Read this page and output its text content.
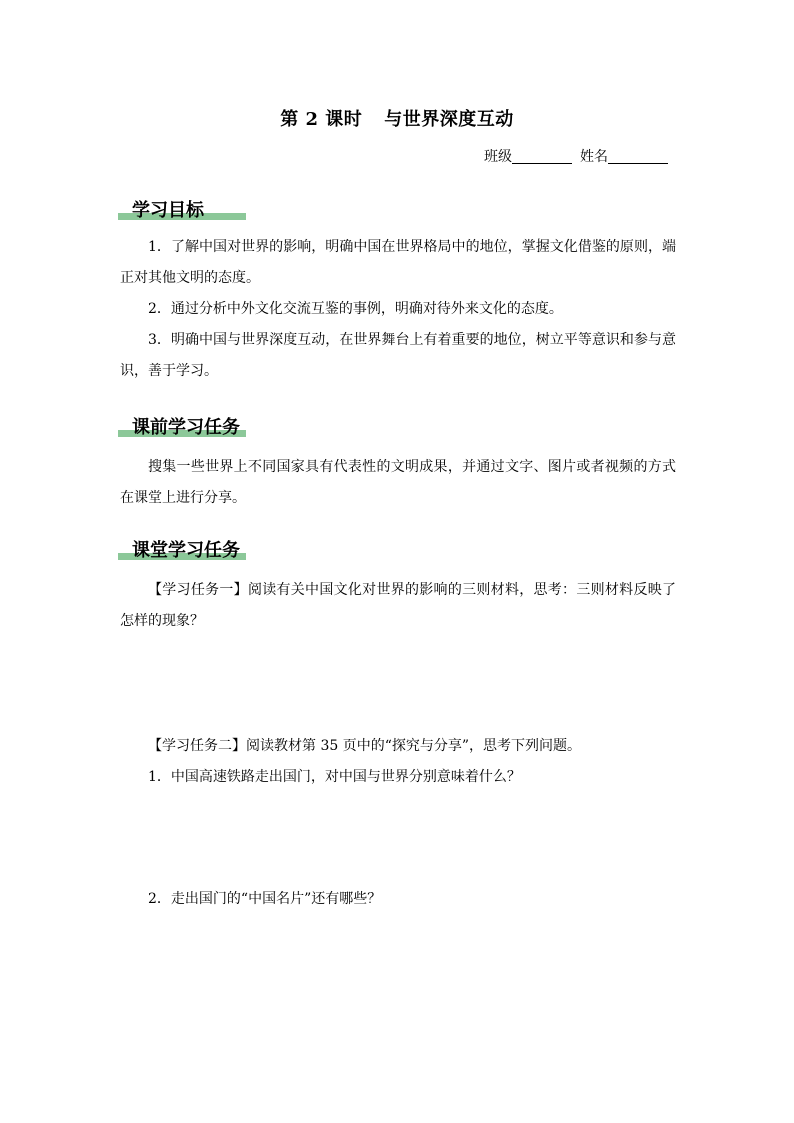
第 2 课时 与世界深度互动
班级	姓名
学习目标
1．了解中国对世界的影响，明确中国在世界格局中的地位，掌握文化借鉴的原则，端正对其他文明的态度。
2．通过分析中外文化交流互鉴的事例，明确对待外来文化的态度。
3．明确中国与世界深度互动，在世界舞台上有着重要的地位，树立平等意识和参与意识，善于学习。
课前学习任务
搜集一些世界上不同国家具有代表性的文明成果，并通过文字、图片或者视频的方式在课堂上进行分享。
课堂学习任务
【学习任务一】阅读有关中国文化对世界的影响的三则材料，思考：三则材料反映了怎样的现象？
【学习任务二】阅读教材第 35 页中的“探究与分享”，思考下列问题。
1．中国高速铁路走出国门，对中国与世界分别意味着什么？
2．走出国门的“中国名片”还有哪些？
